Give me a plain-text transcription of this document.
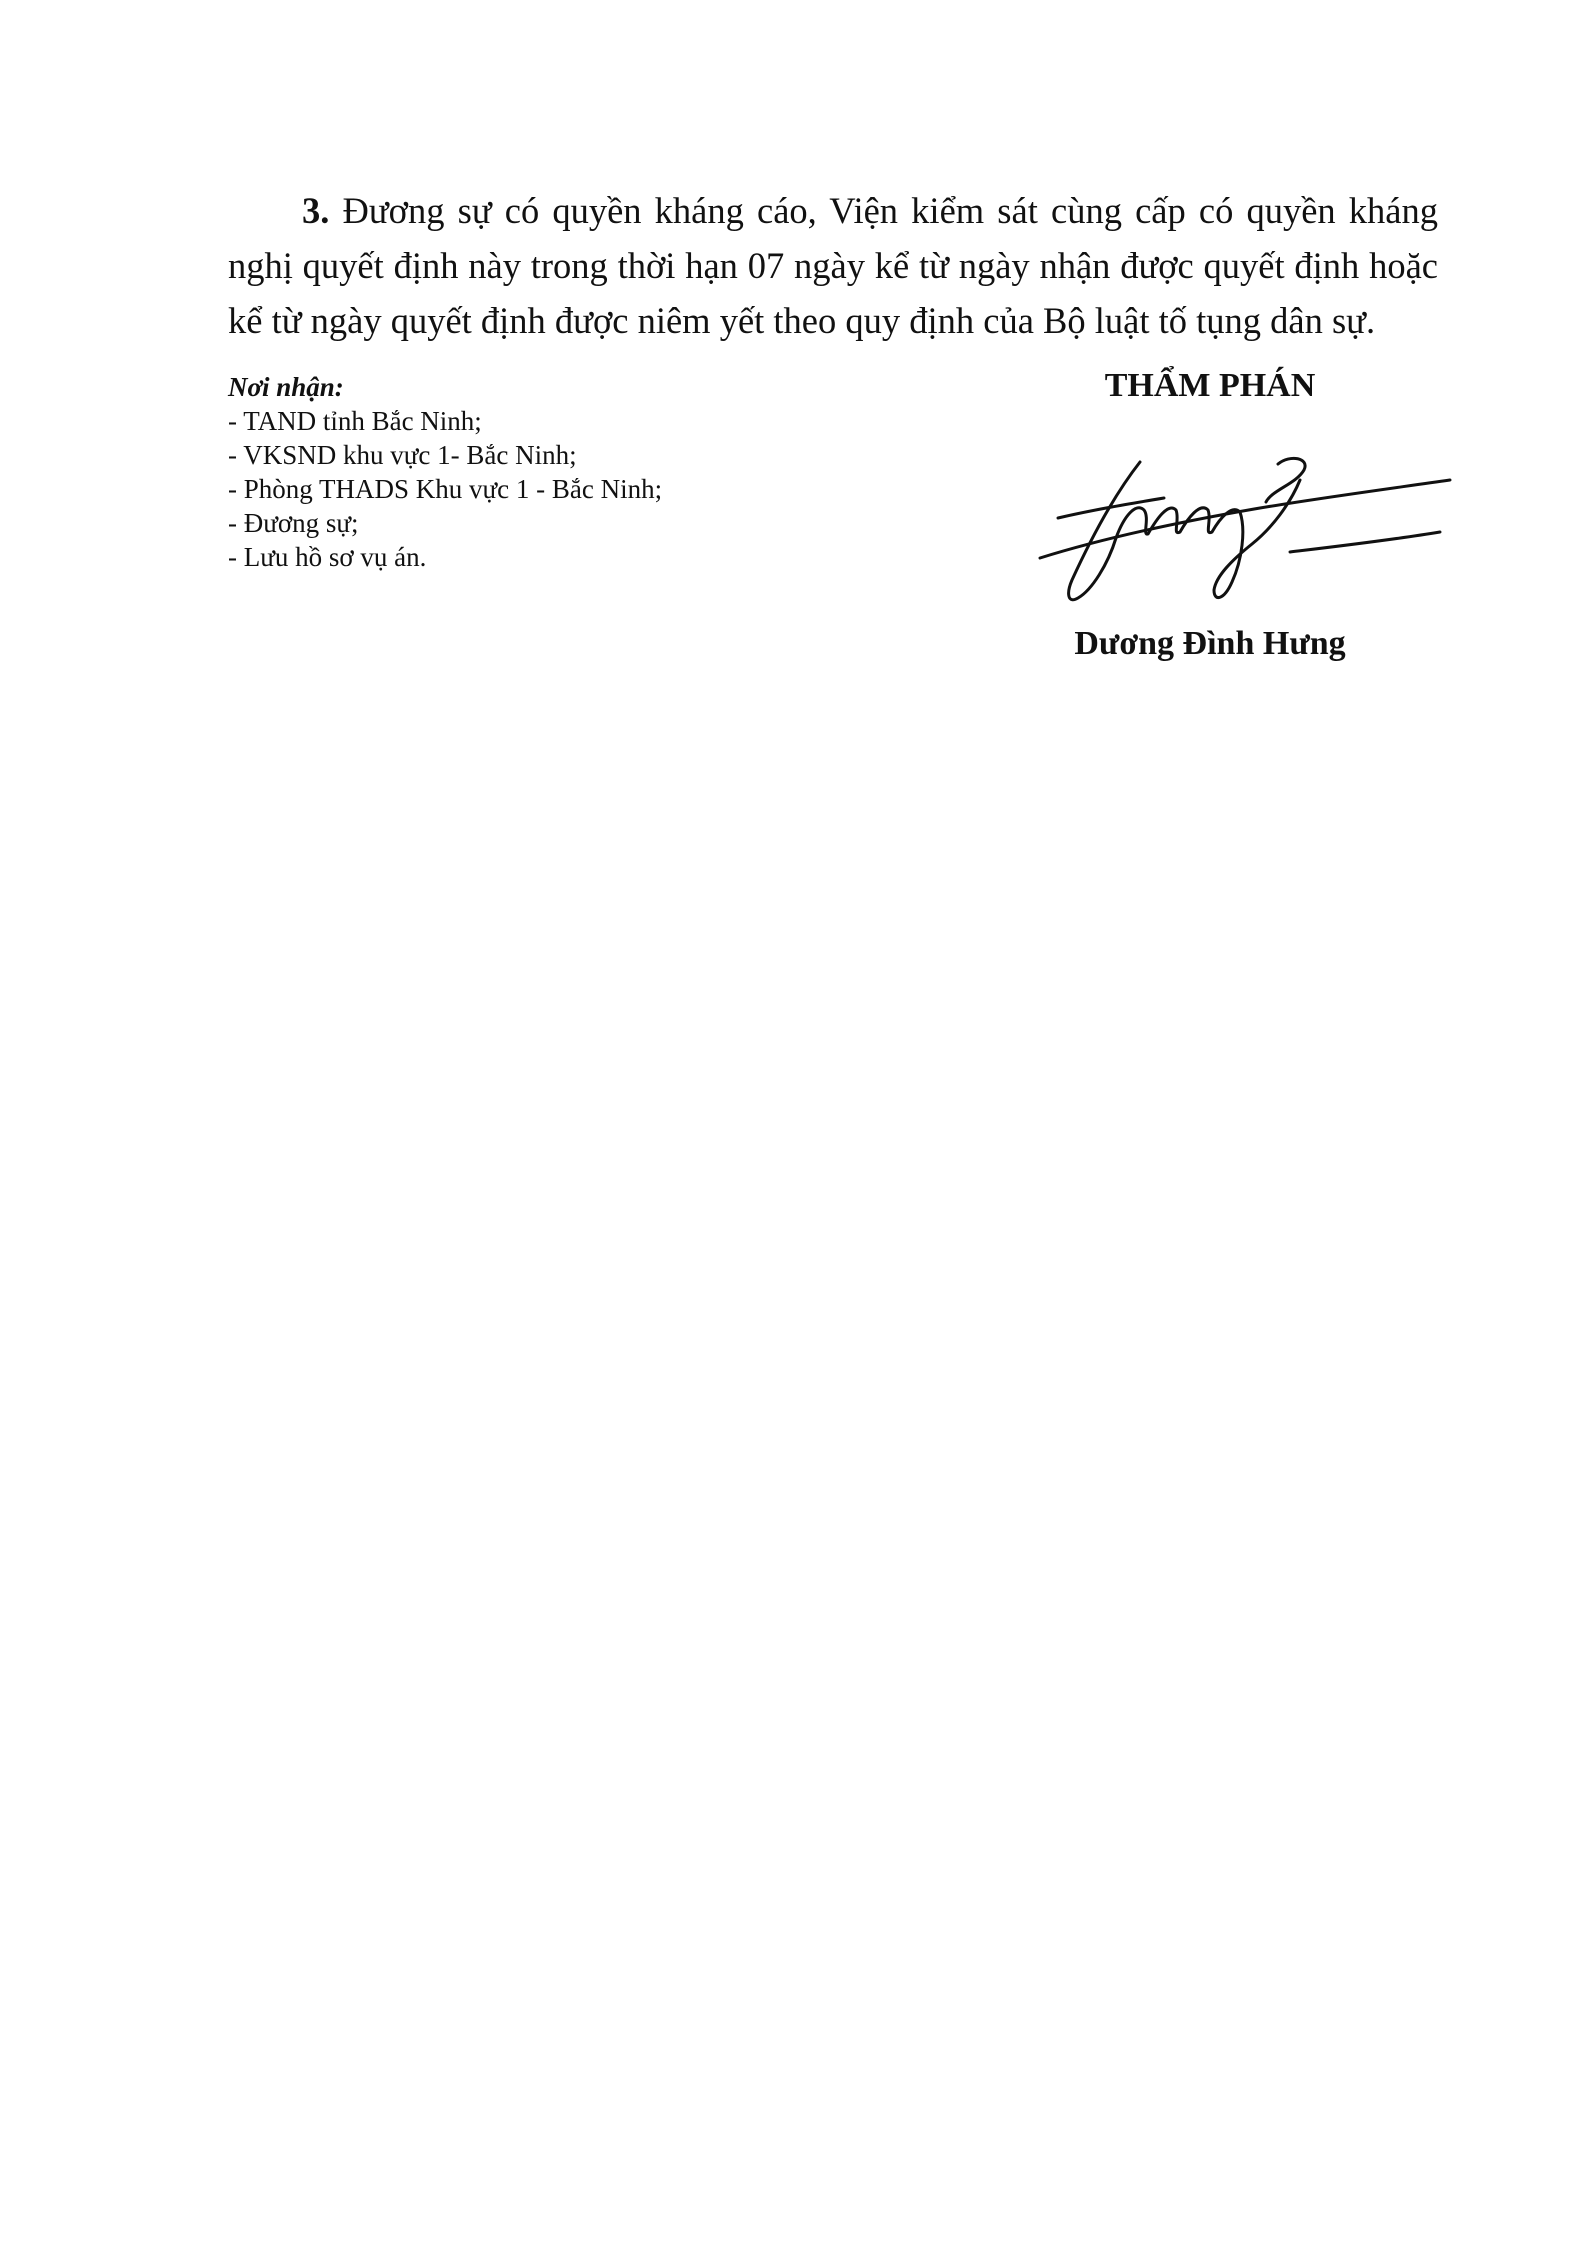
3. Đương sự có quyền kháng cáo, Viện kiểm sát cùng cấp có quyền kháng nghị quyết định này trong thời hạn 07 ngày kể từ ngày nhận được quyết định hoặc kể từ ngày quyết định được niêm yết theo quy định của Bộ luật tố tụng dân sự.

Nơi nhận:
- TAND tỉnh Bắc Ninh;
- VKSND khu vực 1- Bắc Ninh;
- Phòng THADS Khu vực 1 - Bắc Ninh;
- Đương sự;
- Lưu hồ sơ vụ án.
THẨM PHÁN
Dương Đình Hưng
